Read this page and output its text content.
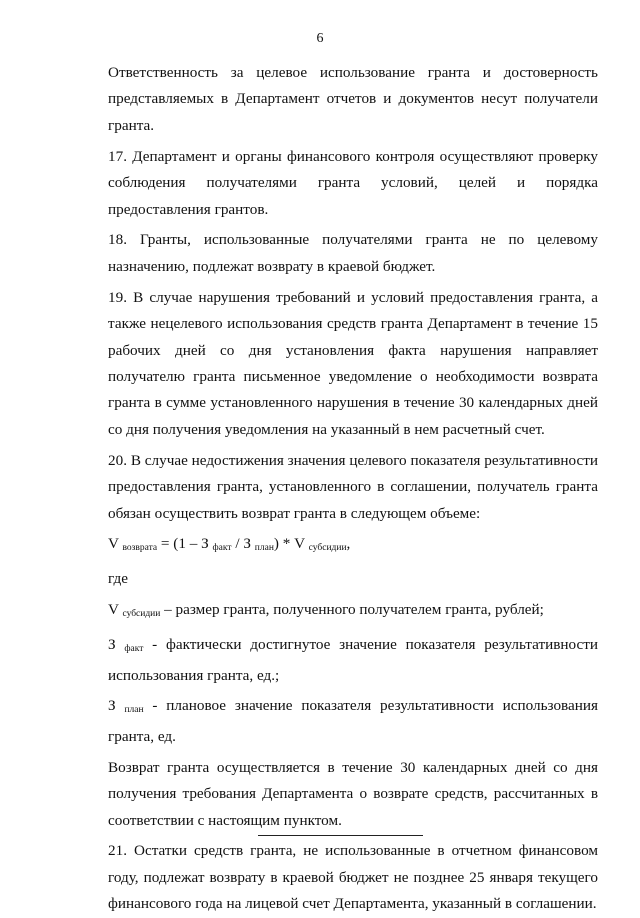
6

Ответственность за целевое использование гранта и достоверность представляемых в Департамент отчетов и документов несут получатели гранта.

17. Департамент и органы финансового контроля осуществляют проверку соблюдения получателями гранта условий, целей и порядка предоставления грантов.

18. Гранты, использованные получателями гранта не по целевому назначению, подлежат возврату в краевой бюджет.

19. В случае нарушения требований и условий предоставления гранта, а также нецелевого использования средств гранта Департамент в течение 15 рабочих дней со дня установления факта нарушения направляет получателю гранта письменное уведомление о необходимости возврата гранта в сумме установленного нарушения в течение 30 календарных дней со дня получения уведомления на указанный в нем расчетный счет.

20. В случае недостижения значения целевого показателя результативности предоставления гранта, установленного в соглашении, получатель гранта обязан осуществить возврат гранта в следующем объеме:

V $_{возврата}$ = (1 – З $_{факт}$ / З $_{план}$) * V $_{субсидии}$,

где

V $_{субсидии}$ – размер гранта, полученного получателем гранта, рублей;

З $_{факт}$ - фактически достигнутое значение показателя результативности использования гранта, ед.;

З $_{план}$ - плановое значение показателя результативности использования гранта, ед.

Возврат гранта осуществляется в течение 30 календарных дней со дня получения требования Департамента о возврате средств, рассчитанных в соответствии с настоящим пунктом.

21. Остатки средств гранта, не использованные в отчетном финансовом году, подлежат возврату в краевой бюджет не позднее 25 января текущего финансового года на лицевой счет Департамента, указанный в соглашении.
